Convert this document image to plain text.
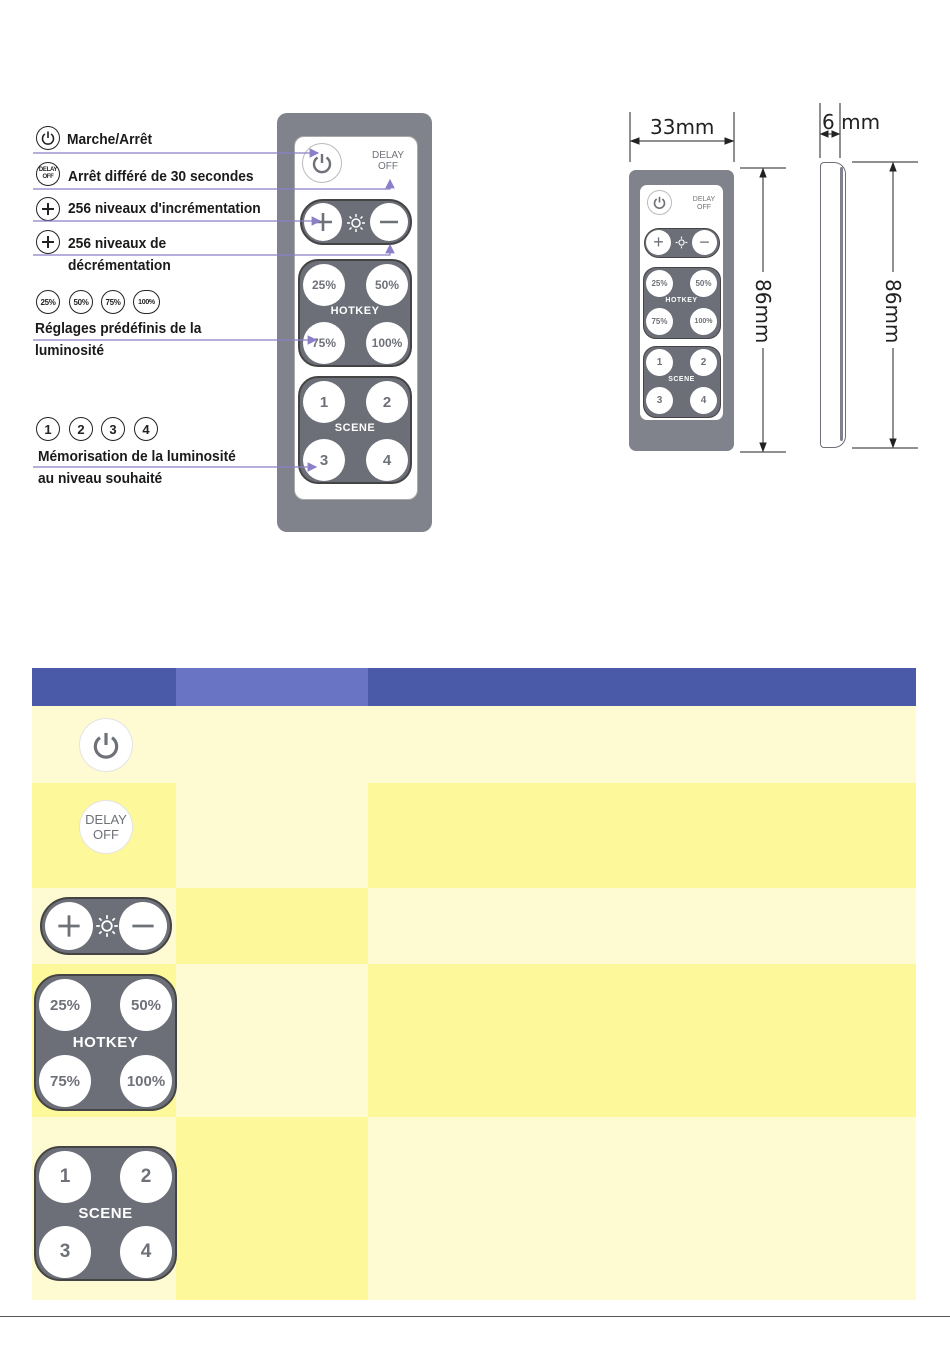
Marche/Arrêt
DELAY
OFF Arrêt différé de 30 secondes
256 niveaux d'incrémentation
256 niveaux de
décrémentation
25%	50%	75%	100%
Réglages prédéfinis de la
luminosité
1	2	3	4
Mémorisation de la luminosité
au niveau souhaité
DELAY
OFF
25%	50%
HOTKEY
75%	100%
1	2
SCENE
3	4
DELAY
OFF
+	−
25%	50%
HOTKEY
75%	100%
1	2
SCENE
3	4
33mm	6 mm
86mm	86mm
DELAY
OFF
25%	50%
HOTKEY
75%	100%
1	2
SCENE
3	4
